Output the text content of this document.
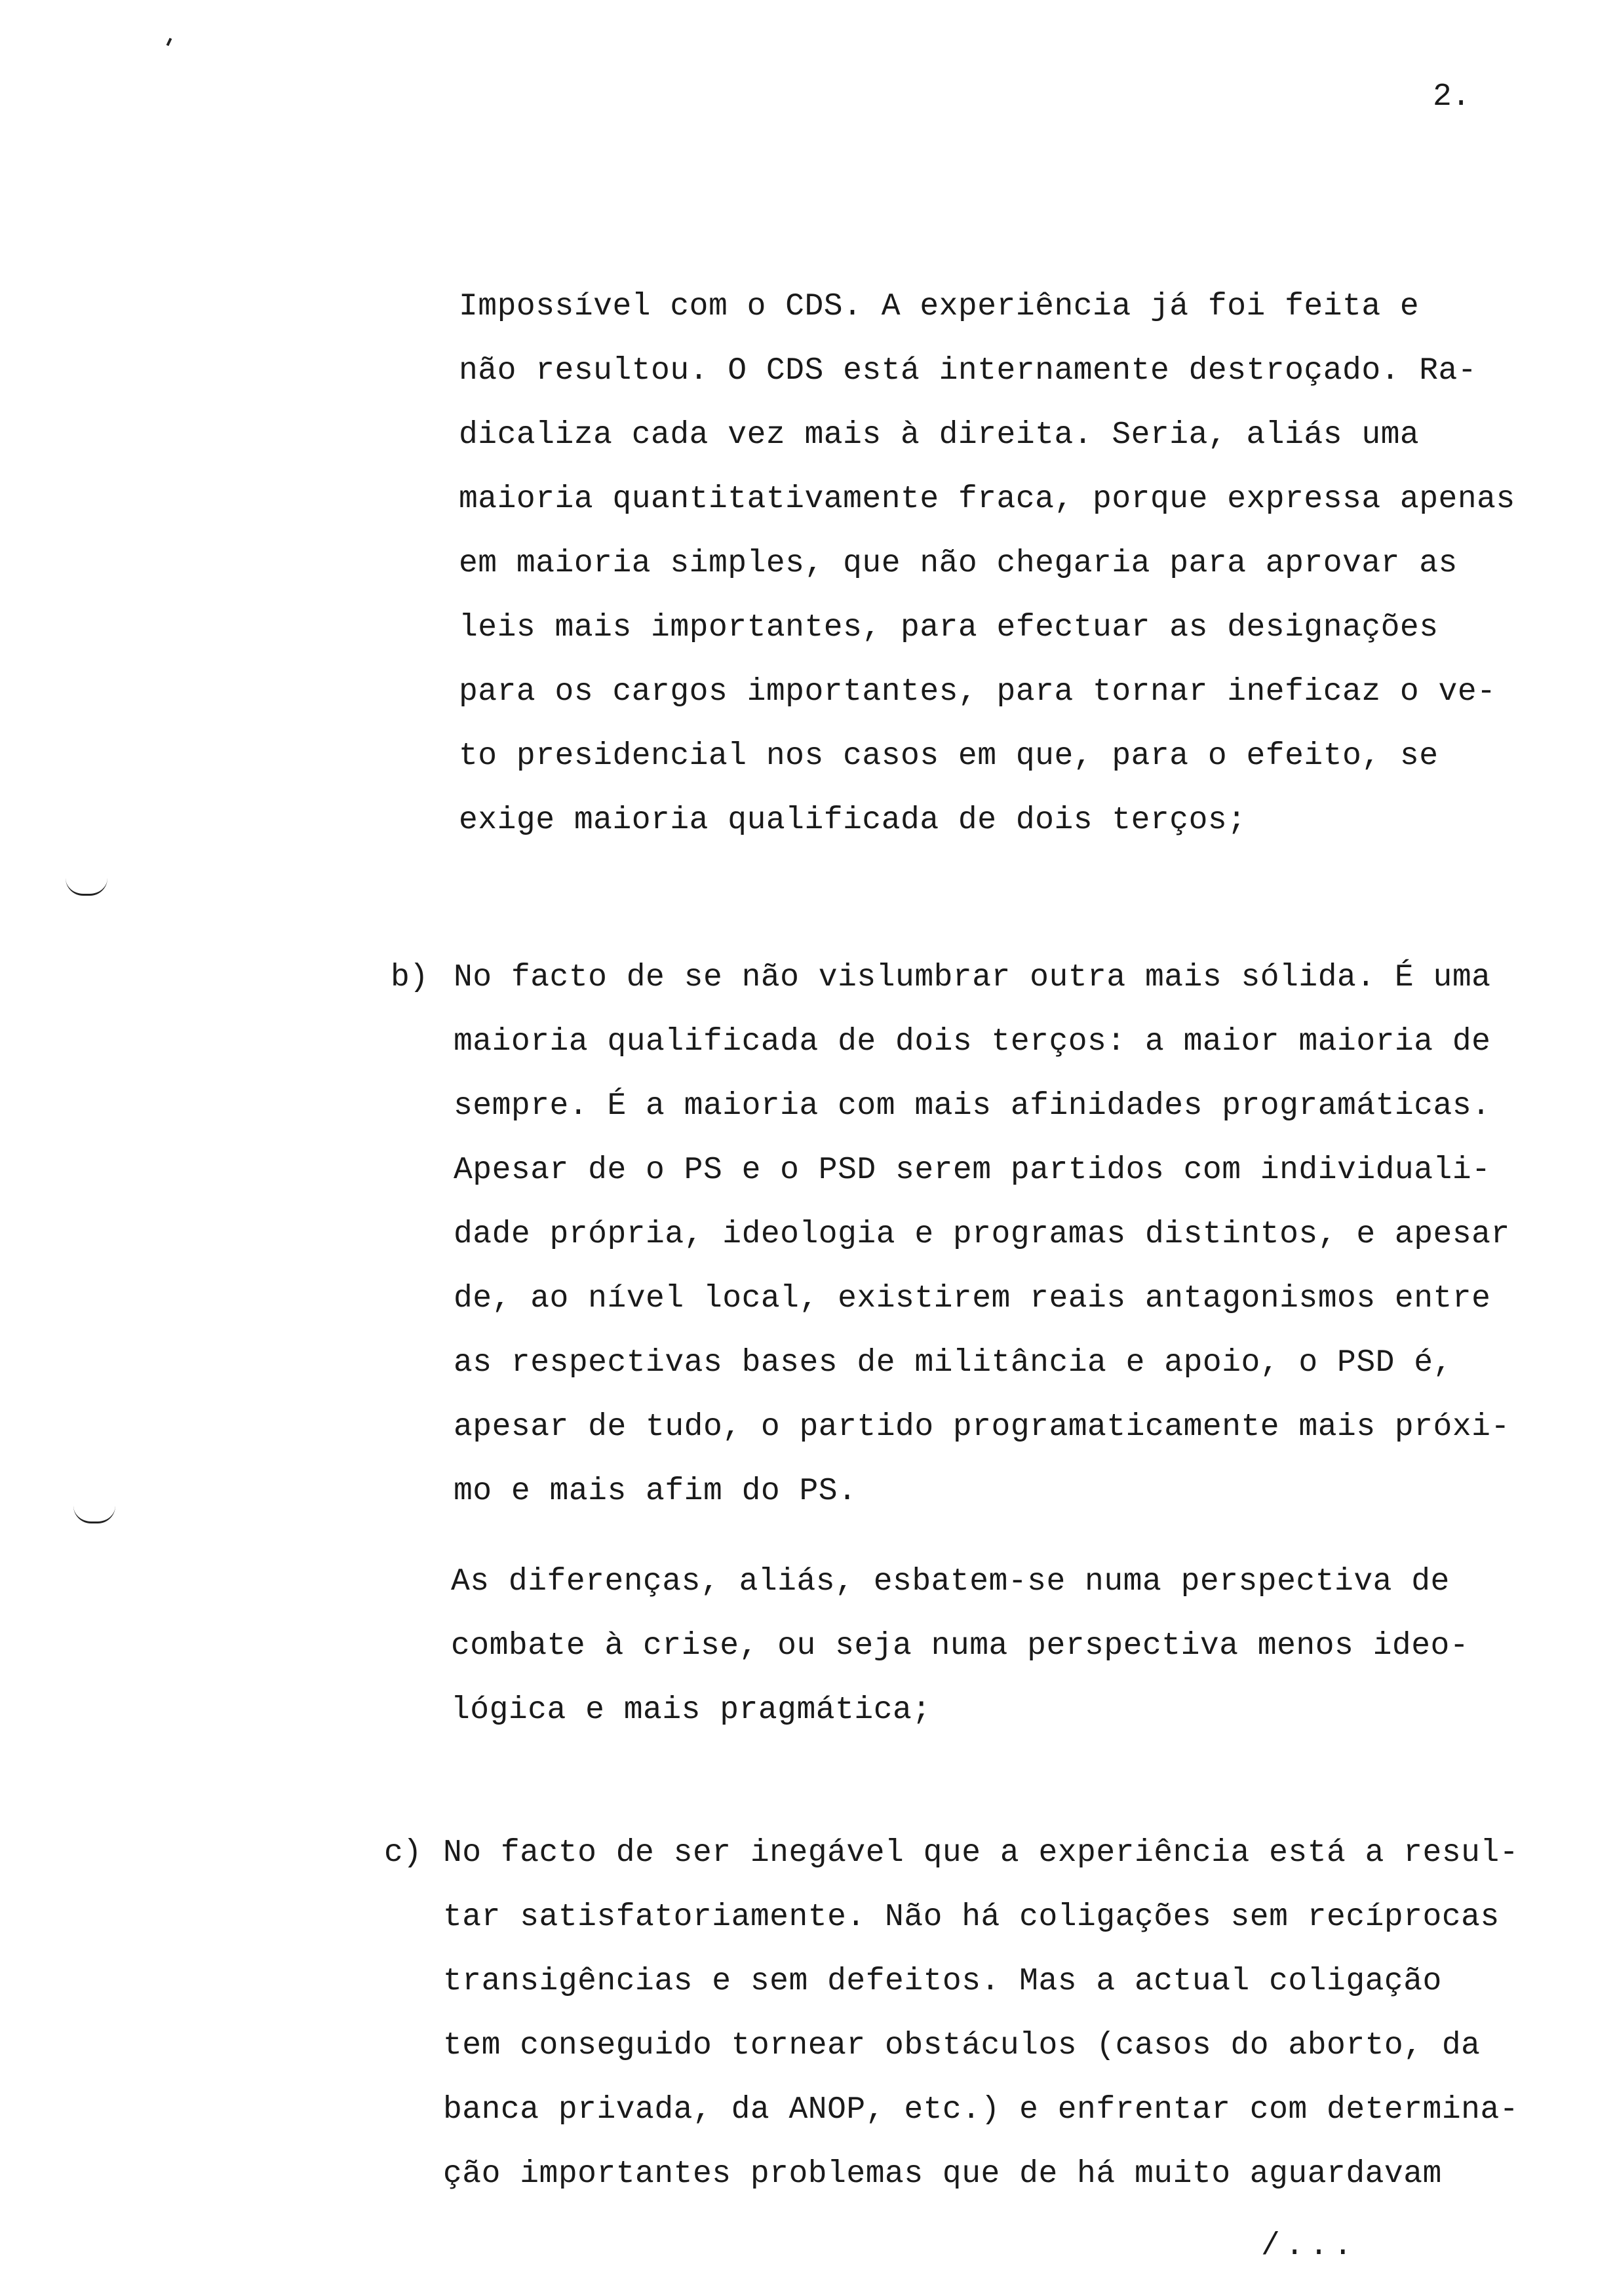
2.
Impossível com o CDS. A experiência já foi feita e
não resultou. O CDS está internamente destroçado. Ra-
dicaliza cada vez mais à direita. Seria, aliás uma
maioria quantitativamente fraca, porque expressa apenas
em maioria simples, que não chegaria para aprovar as
leis mais importantes, para efectuar as designações
para os cargos importantes, para tornar ineficaz o ve-
to presidencial nos casos em que, para o efeito, se
exige maioria qualificada de dois terços;
b) No facto de se não vislumbrar outra mais sólida. É uma
maioria qualificada de dois terços: a maior maioria de
sempre. É a maioria com mais afinidades programáticas.
Apesar de o PS e o PSD serem partidos com individuali-
dade própria, ideologia e programas distintos, e apesar
de, ao nível local, existirem reais antagonismos entre
as respectivas bases de militância e apoio, o PSD é,
apesar de tudo, o partido programaticamente mais próxi-
mo e mais afim do PS.
As diferenças, aliás, esbatem-se numa perspectiva de
combate à crise, ou seja numa perspectiva menos ideo-
lógica e mais pragmática;
c) No facto de ser inegável que a experiência está a resul-
tar satisfatoriamente. Não há coligações sem recíprocas
transigências e sem defeitos. Mas a actual coligação
tem conseguido tornear obstáculos (casos do aborto, da
banca privada, da ANOP, etc.) e enfrentar com determina-
ção importantes problemas que de há muito aguardavam
/...
